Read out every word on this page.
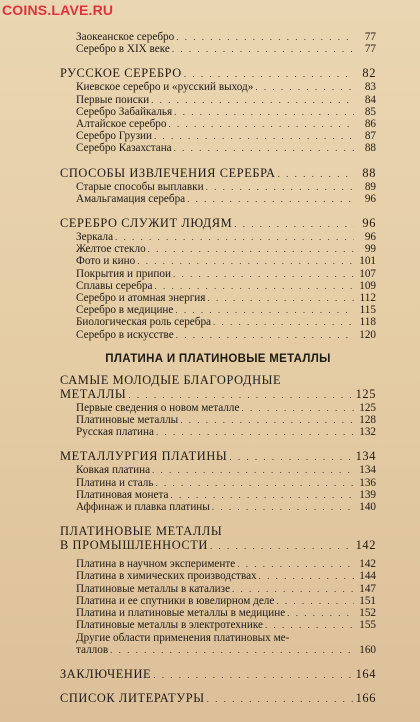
COINS.LAVE.RU
Заокеанское серебро . . .	77
Серебро в XIX веке . . .	77
РУССКОЕ СЕРЕБРО . . .	82
Киевское серебро и «русский выход» . . .	83
Первые поиски . . .	84
Серебро Забайкалья . . .	85
Алтайское серебро . . .	86
Серебро Грузии . . .	87
Серебро Казахстана . . .	88
СПОСОБЫ ИЗВЛЕЧЕНИЯ СЕРЕБРА . . .	88
Старые способы выплавки . . .	89
Амальгамация серебра . . .	96
СЕРЕБРО СЛУЖИТ ЛЮДЯМ . . .	96
Зеркала . . .	96
Желтое стекло . . .	99
Фото и кино . . .	101
Покрытия и припои . . .	107
Сплавы серебра . . .	109
Серебро и атомная энергия . . .	112
Серебро в медицине . . .	115
Биологическая роль серебра . . .	118
Серебро в искусстве . . .	120
ПЛАТИНА И ПЛАТИНОВЫЕ МЕТАЛЛЫ
САМЫЕ МОЛОДЫЕ БЛАГОРОДНЫЕ
МЕТАЛЛЫ . . .	125
Первые сведения о новом металле . . .	125
Платиновые металлы . . .	128
Русская платина . . .	132
МЕТАЛЛУРГИЯ ПЛАТИНЫ . . .	134
Ковкая платина . . .	134
Платина и сталь . . .	136
Платиновая монета . . .	139
Аффинаж и плавка платины . . .	140
ПЛАТИНОВЫЕ МЕТАЛЛЫ
В ПРОМЫШЛЕННОСТИ . . .	142
Платина в научном эксперименте . . .	142
Платина в химических производствах . . .	144
Платиновые металлы в катализе . . .	147
Платина и ее спутники в ювелирном деле . . .	151
Платина и платиновые металлы в медицине . . .	152
Платиновые металлы в электротехнике . . .	155
Другие области применения платиновых ме-
таллов . . .	160
ЗАКЛЮЧЕНИЕ . . .	164
СПИСОК ЛИТЕРАТУРЫ . . .	166
